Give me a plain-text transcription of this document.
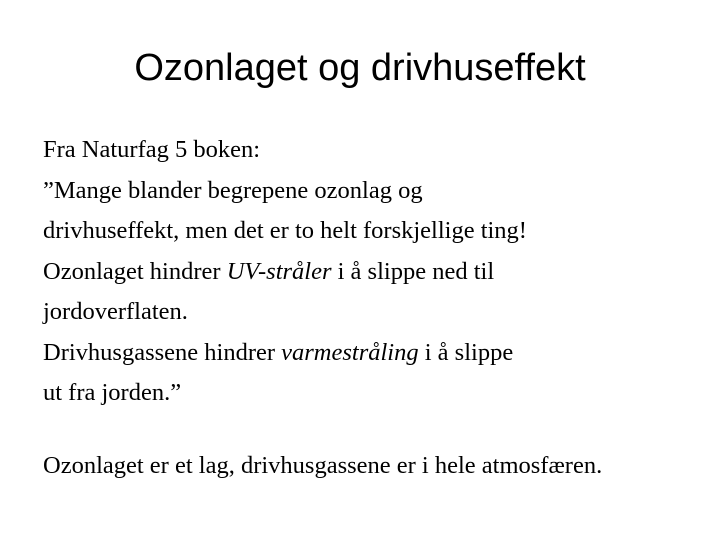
Ozonlaget og drivhuseffekt
Fra Naturfag 5 boken:
”Mange blander begrepene ozonlag og
drivhuseffekt, men det er to helt forskjellige ting!
Ozonlaget hindrer UV-stråler i å slippe ned til
jordoverflaten.
Drivhusgassene hindrer varmestråling i å slippe
ut fra jorden.”
Ozonlaget er et lag, drivhusgassene er i hele atmosfæren.
